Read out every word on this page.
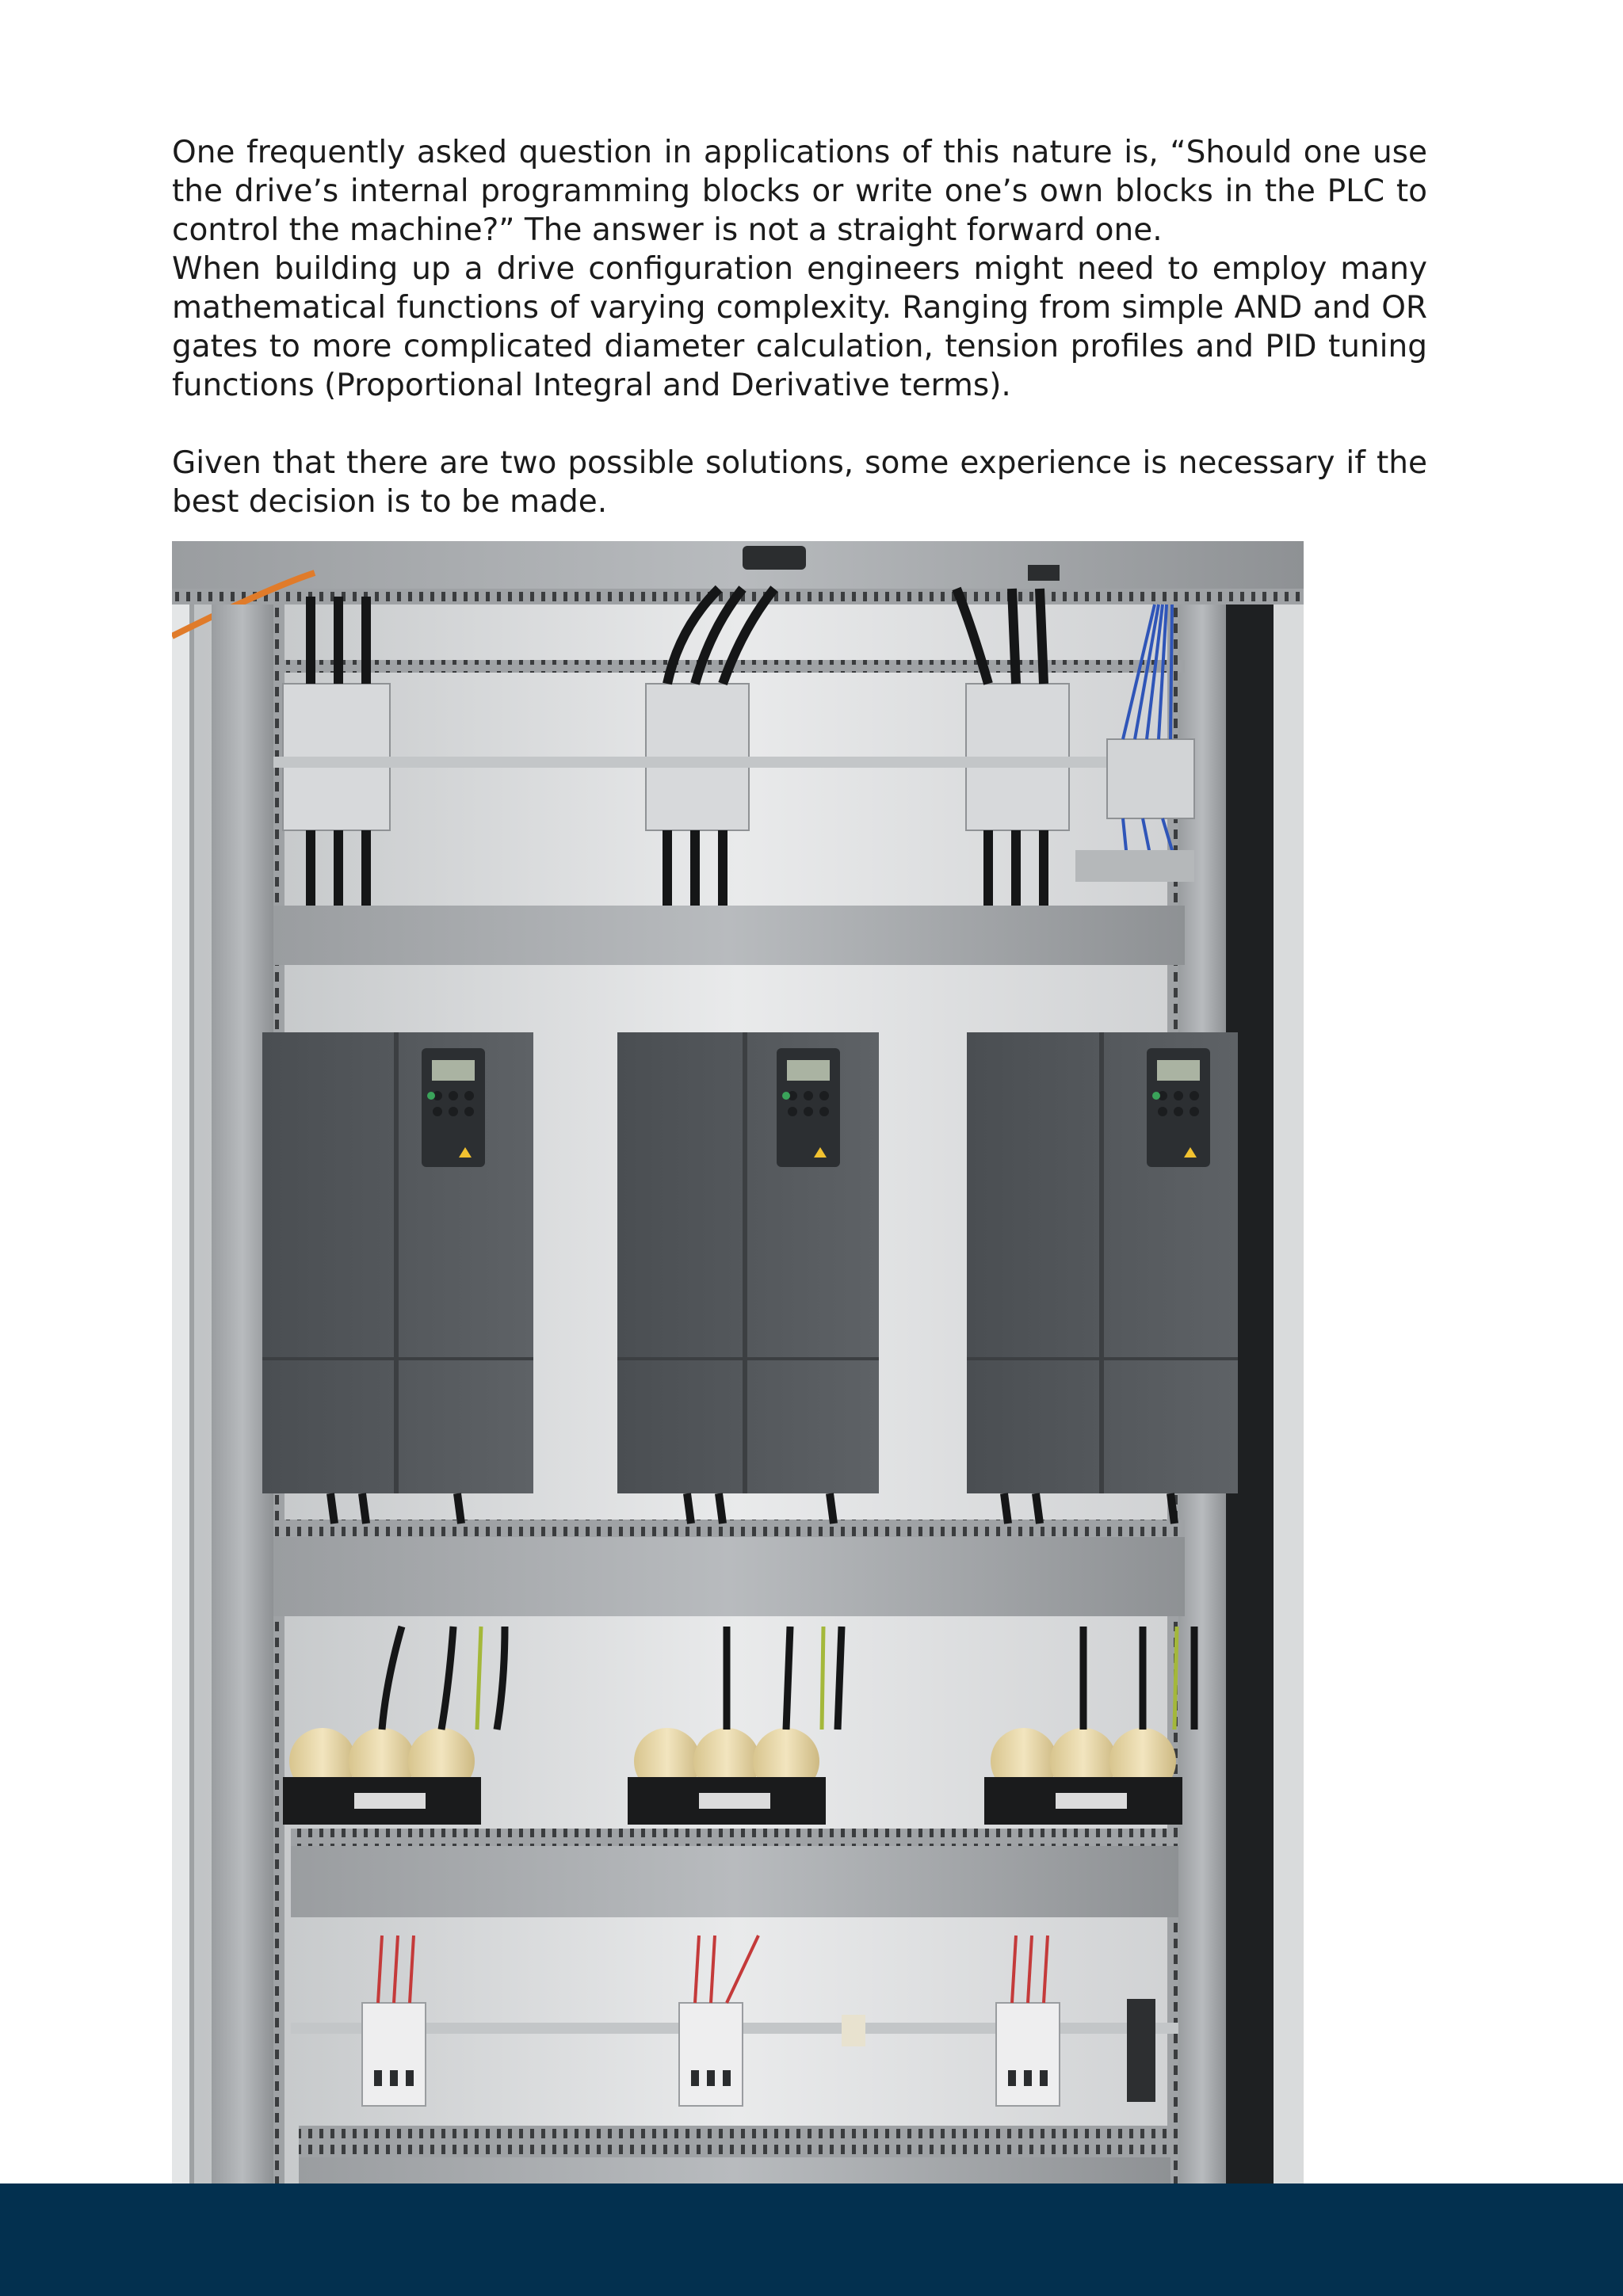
One frequently asked question in applications of this nature is, “Should one use the drive’s internal programming blocks or write one’s own blocks in the PLC to control the machine?” The answer is not a straight forward one.

When building up a drive configuration engineers might need to employ many mathematical functions of varying complexity. Ranging from simple AND and OR gates to more complicated diameter calculation, tension profiles and PID tuning functions (Proportional Integral and Derivative terms).

Given that there are two possible solutions, some experience is necessary if the best decision is to be made.
